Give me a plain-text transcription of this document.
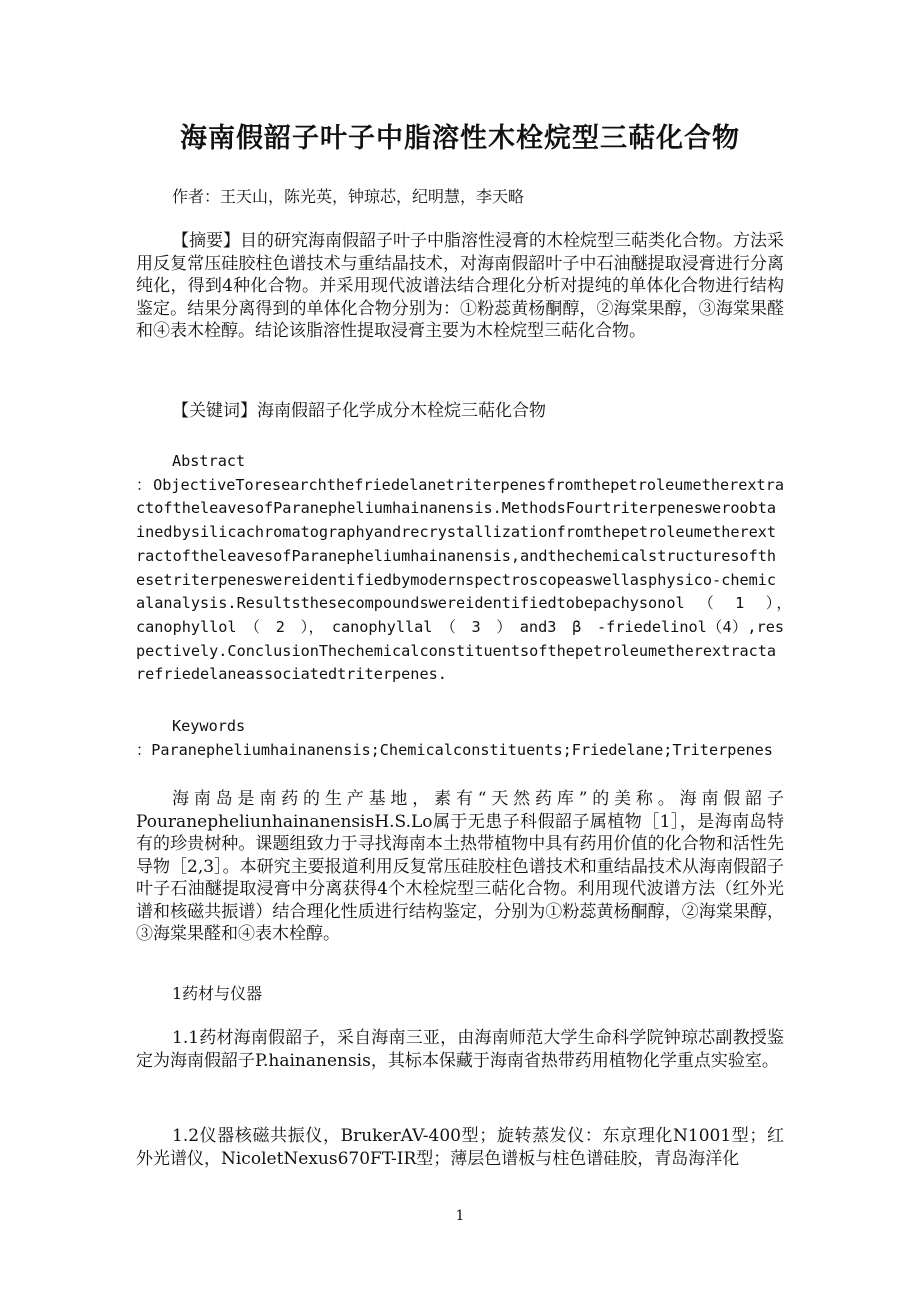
海南假韶子叶子中脂溶性木栓烷型三萜化合物
作者：王天山，陈光英，钟琼芯，纪明慧，李天略
【摘要】目的研究海南假韶子叶子中脂溶性浸膏的木栓烷型三萜类化合物。方法采用反复常压硅胶柱色谱技术与重结晶技术，对海南假韶叶子中石油醚提取浸膏进行分离纯化，得到4种化合物。并采用现代波谱法结合理化分析对提纯的单体化合物进行结构鉴定。结果分离得到的单体化合物分别为：①粉蕊黄杨酮醇，②海棠果醇，③海棠果醛和④表木栓醇。结论该脂溶性提取浸膏主要为木栓烷型三萜化合物。
【关键词】海南假韶子化学成分木栓烷三萜化合物
Abstract　　　　　　　　　　　　　　　　　　　　　　　　　　　　　　　　　　　：ObjectiveToresearchthefriedelanetriterpenesfromthepetroleumetherextractoftheleavesofParanepheliumhainanensis.MethodsFourtriterpenesweroobtainedbysilicachromatographyandrecrystallizationfromthepetroleumetherextractoftheleavesofParanepheliumhainanensis,andthechemicalstructuresofthesetriterpeneswereidentifiedbymodernspectroscopeaswellasphysico-chemicalanalysis.Resultsthesecompoundswereidentifiedtobepachysonol　（　1　），　canophyllol　（　2　），　canophyllal　（　3　）　and3　β　-friedelinol（4）,respectively.ConclusionThechemicalconstituentsofthepetroleumetherextractarefriedelaneassociatedtriterpenes.
Keywords　　　　　　　　　　　　　　　　　　　　　　　　　　　　　　　　　　　：Paranepheliumhainanensis;Chemicalconstituents;Friedelane;Triterpenes
海南岛是南药的生产基地，素有“天然药库”的美称。海南假韶子PouranepheliunhainanensisH.S.Lo属于无患子科假韶子属植物［1］，是海南岛特有的珍贵树种。课题组致力于寻找海南本土热带植物中具有药用价值的化合物和活性先导物［2,3］。本研究主要报道利用反复常压硅胶柱色谱技术和重结晶技术从海南假韶子叶子石油醚提取浸膏中分离获得4个木栓烷型三萜化合物。利用现代波谱方法（红外光谱和核磁共振谱）结合理化性质进行结构鉴定，分别为①粉蕊黄杨酮醇，②海棠果醇，③海棠果醛和④表木栓醇。
1药材与仪器
1.1药材海南假韶子，采自海南三亚，由海南师范大学生命科学院钟琼芯副教授鉴定为海南假韶子P.hainanensis，其标本保藏于海南省热带药用植物化学重点实验室。
1.2仪器核磁共振仪，BrukerAV-400型；旋转蒸发仪：东京理化N1001型；红外光谱仪，NicoletNexus670FT-IR型；薄层色谱板与柱色谱硅胶，青岛海洋化
1
